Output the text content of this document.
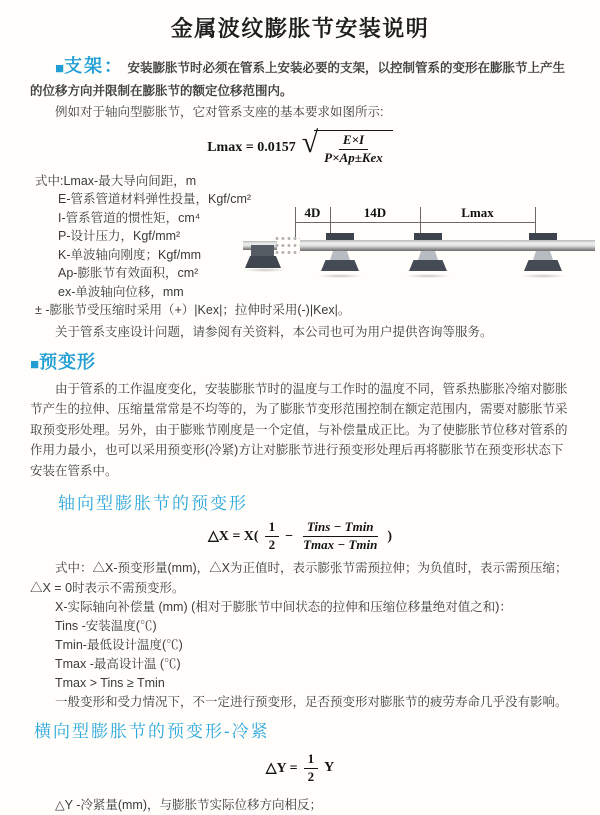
金属波纹膨胀节安装说明

■支架： 安装膨胀节时必须在管系上安装必要的支架，以控制管系的变形在膨胀节上产生的位移方向并限制在膨胀节的额定位移范围内。

例如对于轴向型膨胀节，它对管系支座的基本要求如图所示:

Lmax = 0.0157 √ $\frac{E\times I}{\text{P×Ap±Kex}}$
式中:Lmax-最大导向间距，m
E-管系管道材料弹性投量，Kgf/cm²
I-管系管道的惯性矩，cm⁴
P-设计压力，Kgf/mm²
K-单波轴向刚度；Kgf/mm
Ap-膨胀节有效面积，cm²
ex-单波轴向位移，mm
± -膨胀节受压缩时采用（+）|Kex|；拉伸时采用(-)|Kex|。

关于管系支座设计问题，请参阅有关资料，本公司也可为用户提供咨询等服务。

4D	14D	Lmax

■预变形

由于管系的工作温度变化，安装膨胀节时的温度与工作时的温度不同，管系热膨胀冷缩对膨胀节产生的拉伸、压缩量常常是不均等的，为了膨胀节变形范围控制在额定范围内，需要对膨胀节采取预变形处理。另外，由于膨账节刚度是一个定值，与补偿量成正比。为了使膨胀节位移对管系的作用力最小，也可以采用预变形(冷紧)方让对膨胀节进行预变形处理后再将膨胀节在预变形状态下安装在管系中。

轴向型膨胀节的预变形
△X = $X( \frac{1}{2} - \frac{\text{Tins − Tmin}}{Tmax - Tmin}$ )

式中：△X-预变形量(mm)，△X为正值时，表示膨张节需预拉伸；为负值时，表示需预压缩；△X = 0时表示不需预变形。

X-实际轴向补偿量 (mm) (相对于膨胀节中间状态的拉伸和压缩位移量绝对值之和)：

Tins -安装温度(℃)

Tmin-最低设计温度(℃)

Tmax -最高设计温 (℃)

Tmax > Tins ≥ Tmin

一般变形和受力情况下，不一定进行预变形，足否预变形对膨胀节的疲劳寿命几乎没有影响。

横向型膨胀节的预变形-冷紧
△Y = $\frac{1}{2}$ Y

△Y -冷紧量(mm)，与膨胀节实际位移方向相反；
